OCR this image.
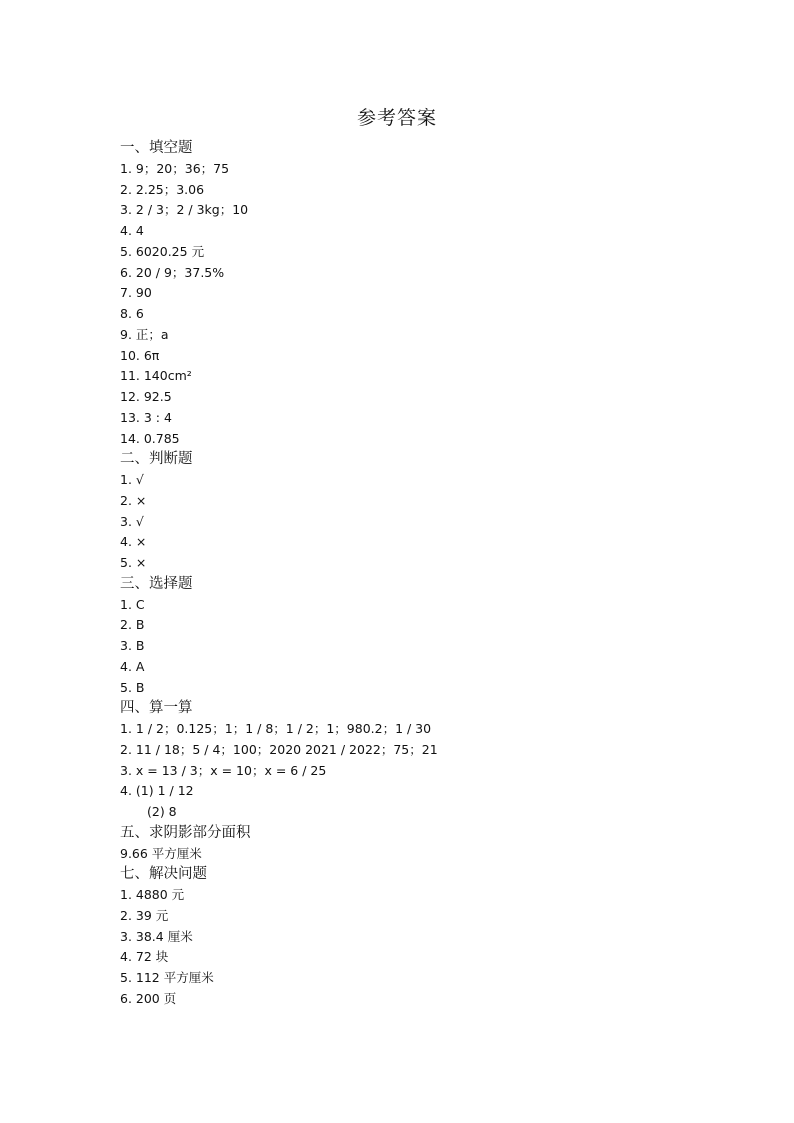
参考答案
一、填空题
1. 9；20；36；75
2. 2.25；3.06
3. 2 / 3；2 / 3kg；10
4. 4
5. 6020.25 元
6. 20 / 9；37.5%
7. 90
8. 6
9. 正；a
10. 6π
11. 140cm²
12. 92.5
13. 3 : 4
14. 0.785
二、判断题
1. √
2. ×
3. √
4. ×
5. ×
三、选择题
1. C
2. B
3. B
4. A
5. B
四、算一算
1. 1 / 2；0.125；1；1 / 8；1 / 2；1；980.2；1 / 30
2. 11 / 18；5 / 4；100；2020 2021 / 2022；75；21
3. x = 13 / 3；x = 10；x = 6 / 25
4. (1) 1 / 12
(2) 8
五、求阴影部分面积
9.66 平方厘米
七、解决问题
1. 4880 元
2. 39 元
3. 38.4 厘米
4. 72 块
5. 112 平方厘米
6. 200 页
